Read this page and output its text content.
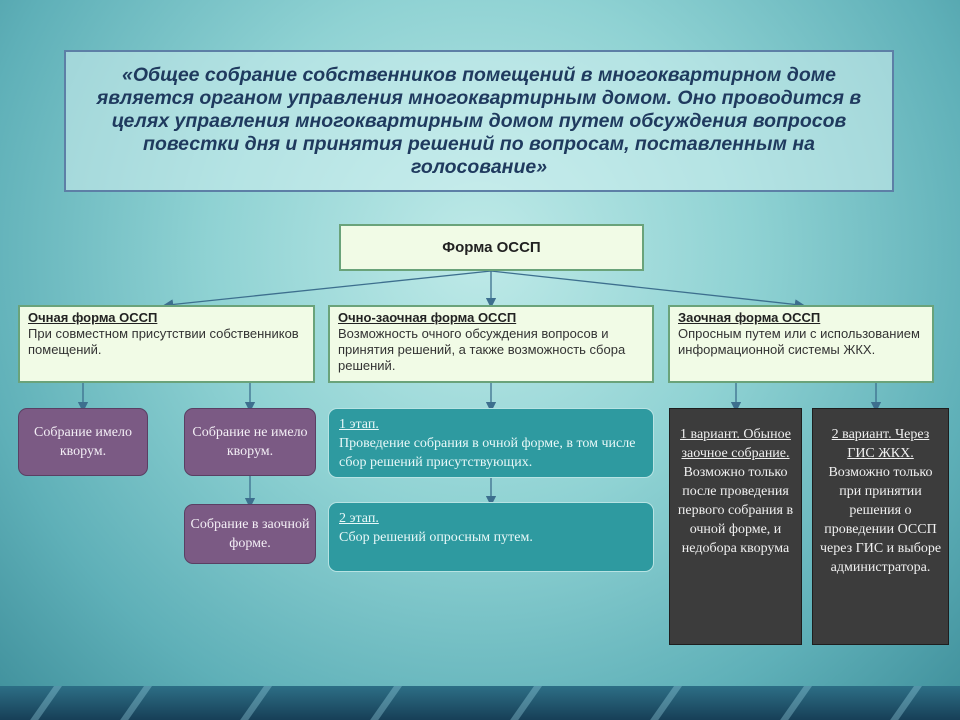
«Общее собрание собственников помещений в многоквартирном доме является органом управления многоквартирным домом. Оно проводится в целях управления многоквартирным домом путем обсуждения вопросов повестки дня и принятия решений по вопросам, поставленным на голосование»

Форма ОССП
Очная форма ОССП
При совместном присутствии собственников помещений.
Очно-заочная форма ОССП
Возможность очного обсуждения вопросов и принятия решений, а также возможность сбора решений.
Заочная форма ОССП
Опросным путем или с использованием информационной системы ЖКХ.
Собрание имело кворум.
Собрание не имело кворум.
Собрание в заочной форме.
1 этап.
Проведение собрания в очной форме, в том числе сбор решений присутствующих.
2 этап.
Сбор решений опросным путем.
1 вариант. Обыное заочное собрание.
Возможно только после проведения первого собрания в очной форме, и недобора кворума
2 вариант. Через ГИС ЖКХ.
Возможно только при принятии решения о проведении ОССП через ГИС и выборе администратора.
